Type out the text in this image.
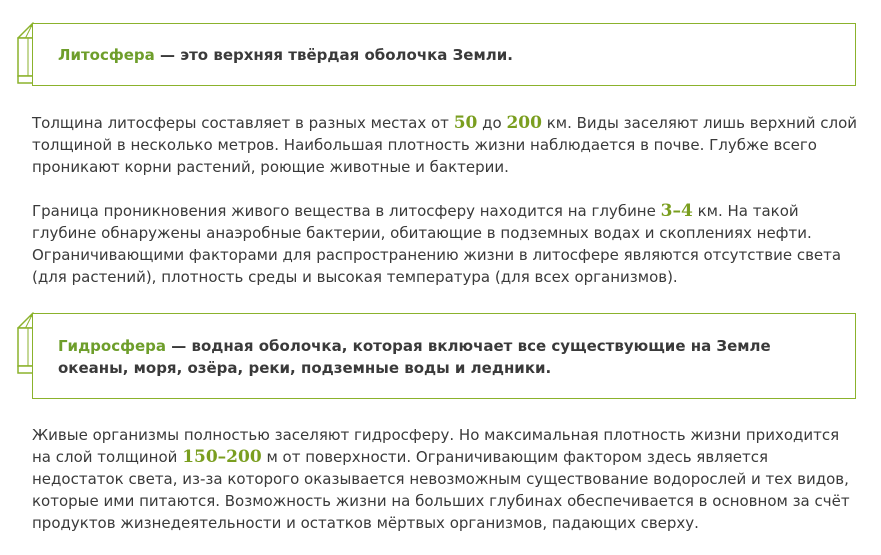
Литосфера — это верхняя твёрдая оболочка Земли.

Толщина литосферы составляет в разных местах от 50 до 200 км. Виды заселяют лишь верхний слой толщиной в несколько метров. Наибольшая плотность жизни наблюдается в почве. Глубже всего проникают корни растений, роющие животные и бактерии.

Граница проникновения живого вещества в литосферу находится на глубине 3–4 км. На такой глубине обнаружены анаэробные бактерии, обитающие в подземных водах и скоплениях нефти. Ограничивающими факторами для распространению жизни в литосфере являются отсутствие света (для растений), плотность среды и высокая температура (для всех организмов).

Гидросфера — водная оболочка, которая включает все существующие на Земле океаны, моря, озёра, реки, подземные воды и ледники.

Живые организмы полностью заселяют гидросферу. Но максимальная плотность жизни приходится на слой толщиной 150–200 м от поверхности. Ограничивающим фактором здесь является недостаток света, из-за которого оказывается невозможным существование водорослей и тех видов, которые ими питаются. Возможность жизни на больших глубинах обеспечивается в основном за счёт продуктов жизнедеятельности и остатков мёртвых организмов, падающих сверху.
